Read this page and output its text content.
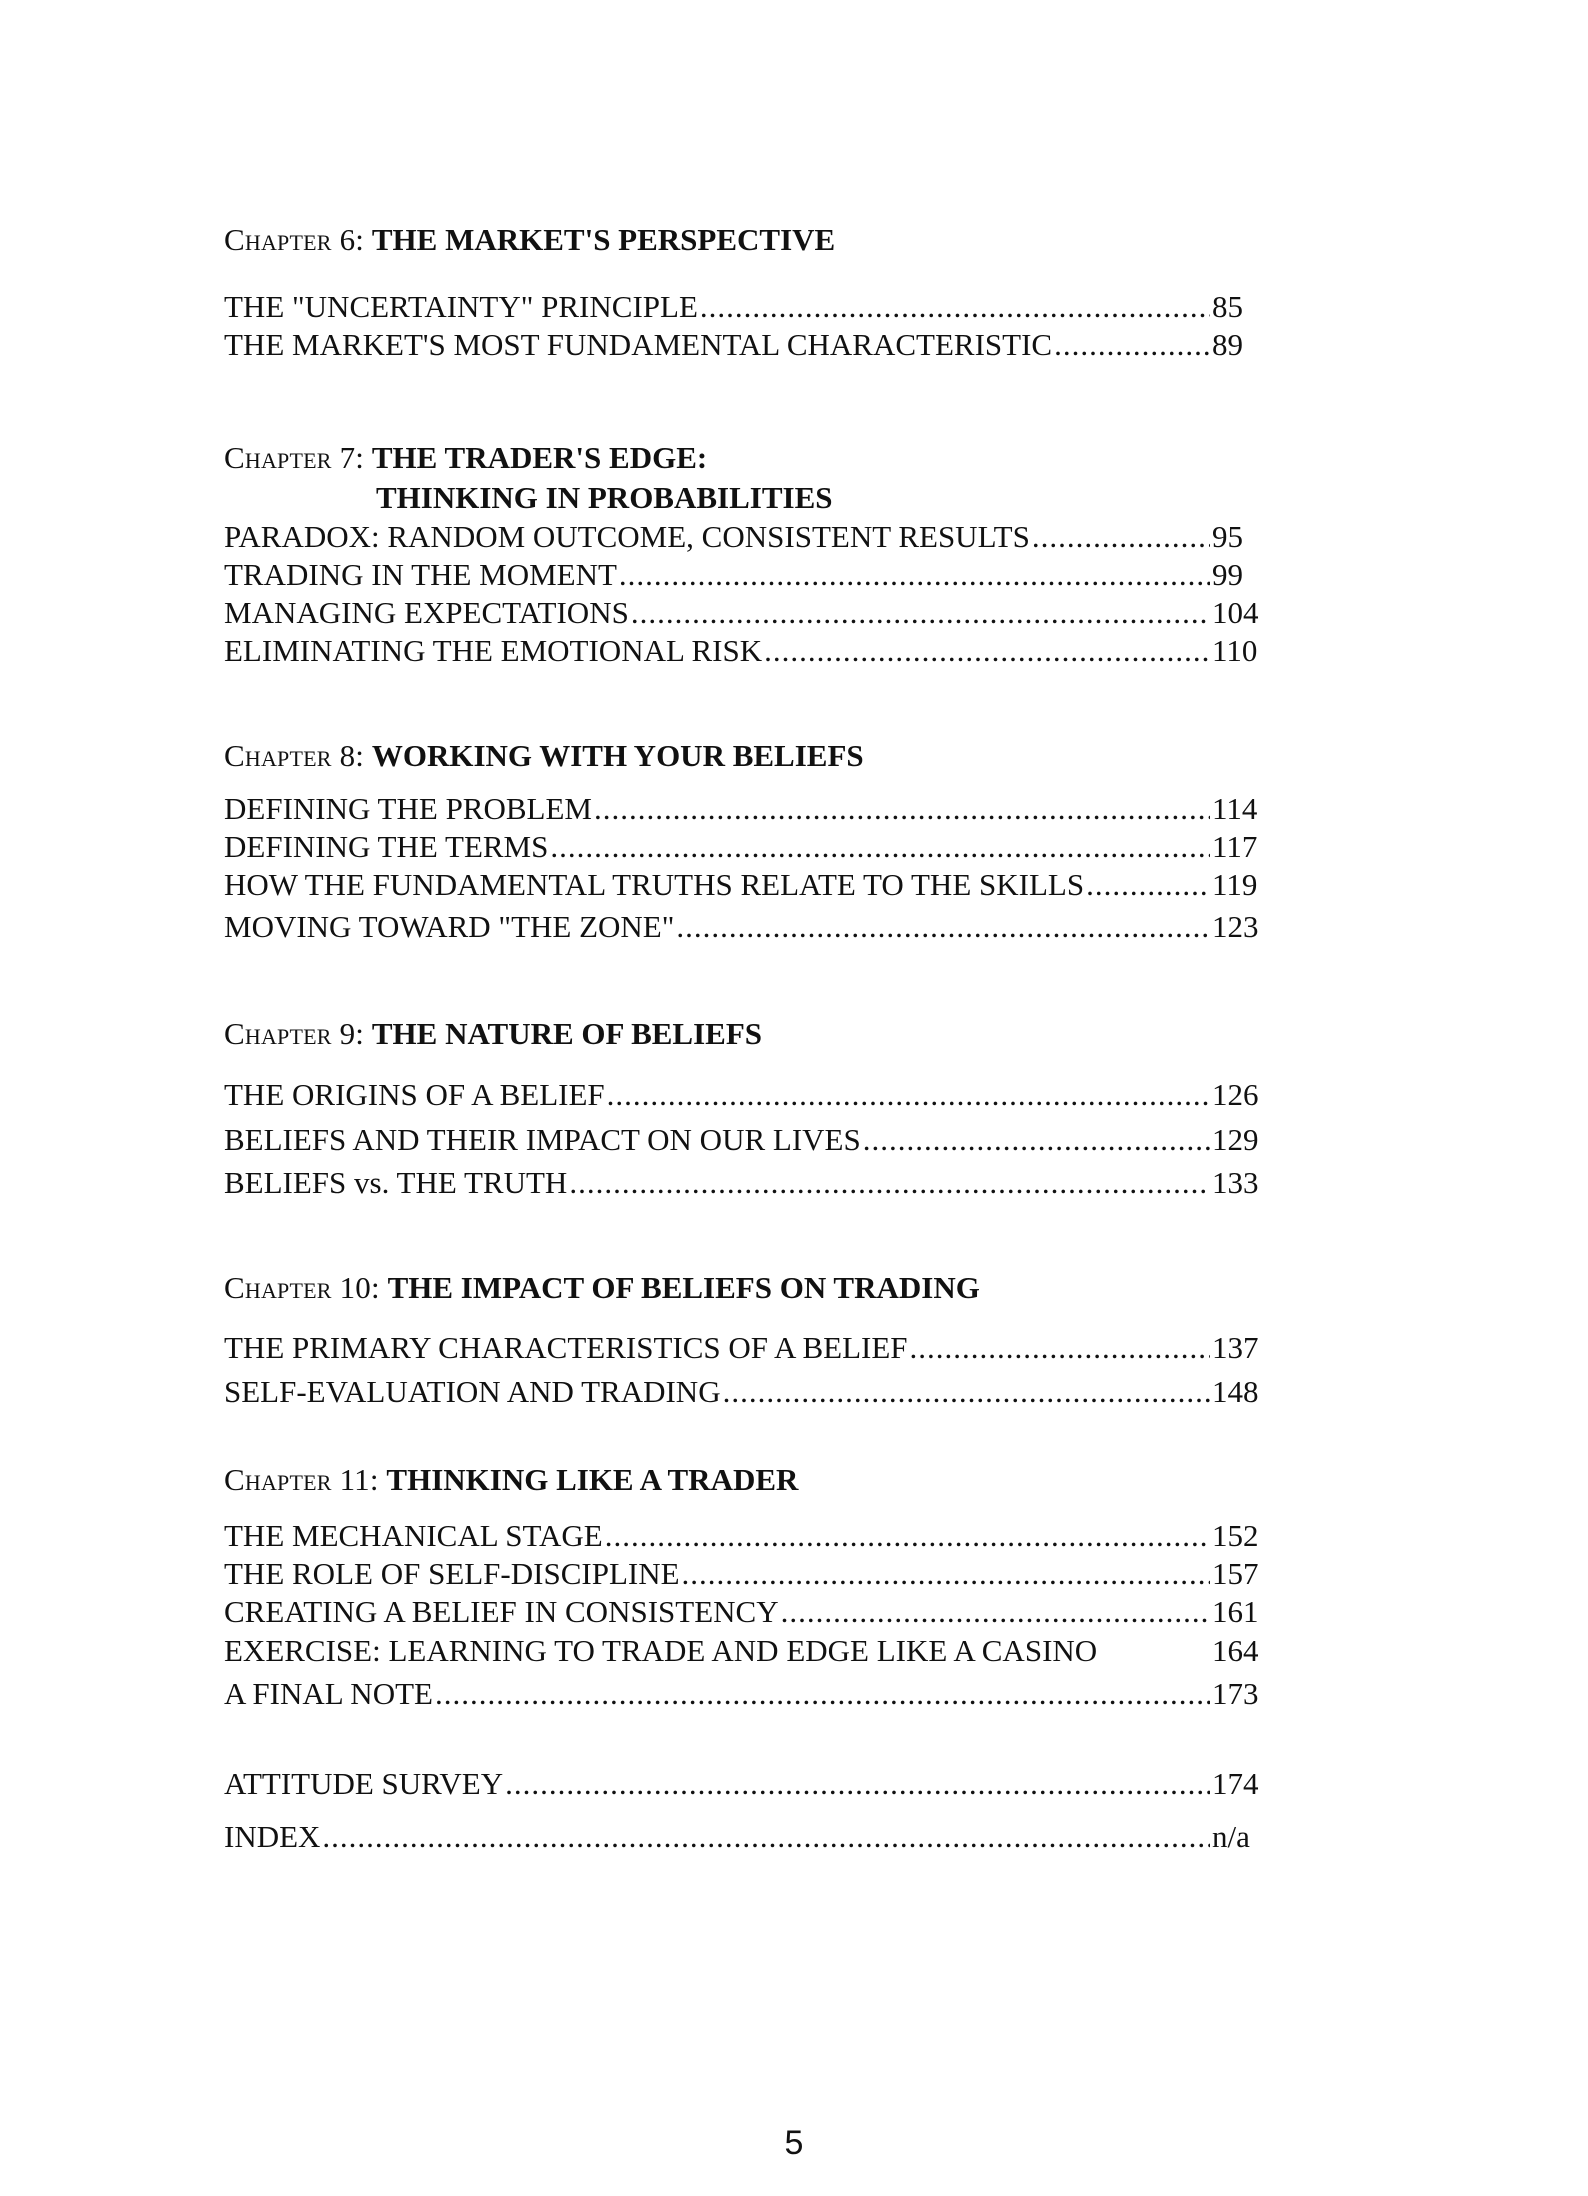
Chapter 6: THE MARKET'S PERSPECTIVE
THE "UNCERTAINTY" PRINCIPLE .....	85
THE MARKET'S MOST FUNDAMENTAL CHARACTERISTIC .....	89
Chapter 7: THE TRADER'S EDGE:
THINKING IN PROBABILITIES
PARADOX: RANDOM OUTCOME, CONSISTENT RESULTS .....	95
TRADING IN THE MOMENT .....	99
MANAGING EXPECTATIONS .....	104
ELIMINATING THE EMOTIONAL RISK .....	110
Chapter 8: WORKING WITH YOUR BELIEFS
DEFINING THE PROBLEM .....	114
DEFINING THE TERMS .....	117
HOW THE FUNDAMENTAL TRUTHS RELATE TO THE SKILLS .....	119
MOVING TOWARD "THE ZONE" .....	123
Chapter 9: THE NATURE OF BELIEFS
THE ORIGINS OF A BELIEF .....	126
BELIEFS AND THEIR IMPACT ON OUR LIVES .....	129
BELIEFS vs. THE TRUTH .....	133
Chapter 10: THE IMPACT OF BELIEFS ON TRADING
THE PRIMARY CHARACTERISTICS OF A BELIEF .....	137
SELF-EVALUATION AND TRADING .....	148
Chapter 11: THINKING LIKE A TRADER
THE MECHANICAL STAGE .....	152
THE ROLE OF SELF-DISCIPLINE .....	157
CREATING A BELIEF IN CONSISTENCY .....	161
EXERCISE: LEARNING TO TRADE AND EDGE LIKE A CASINO	164
A FINAL NOTE .....	173
ATTITUDE SURVEY .....	174
INDEX .....	n/a
5
